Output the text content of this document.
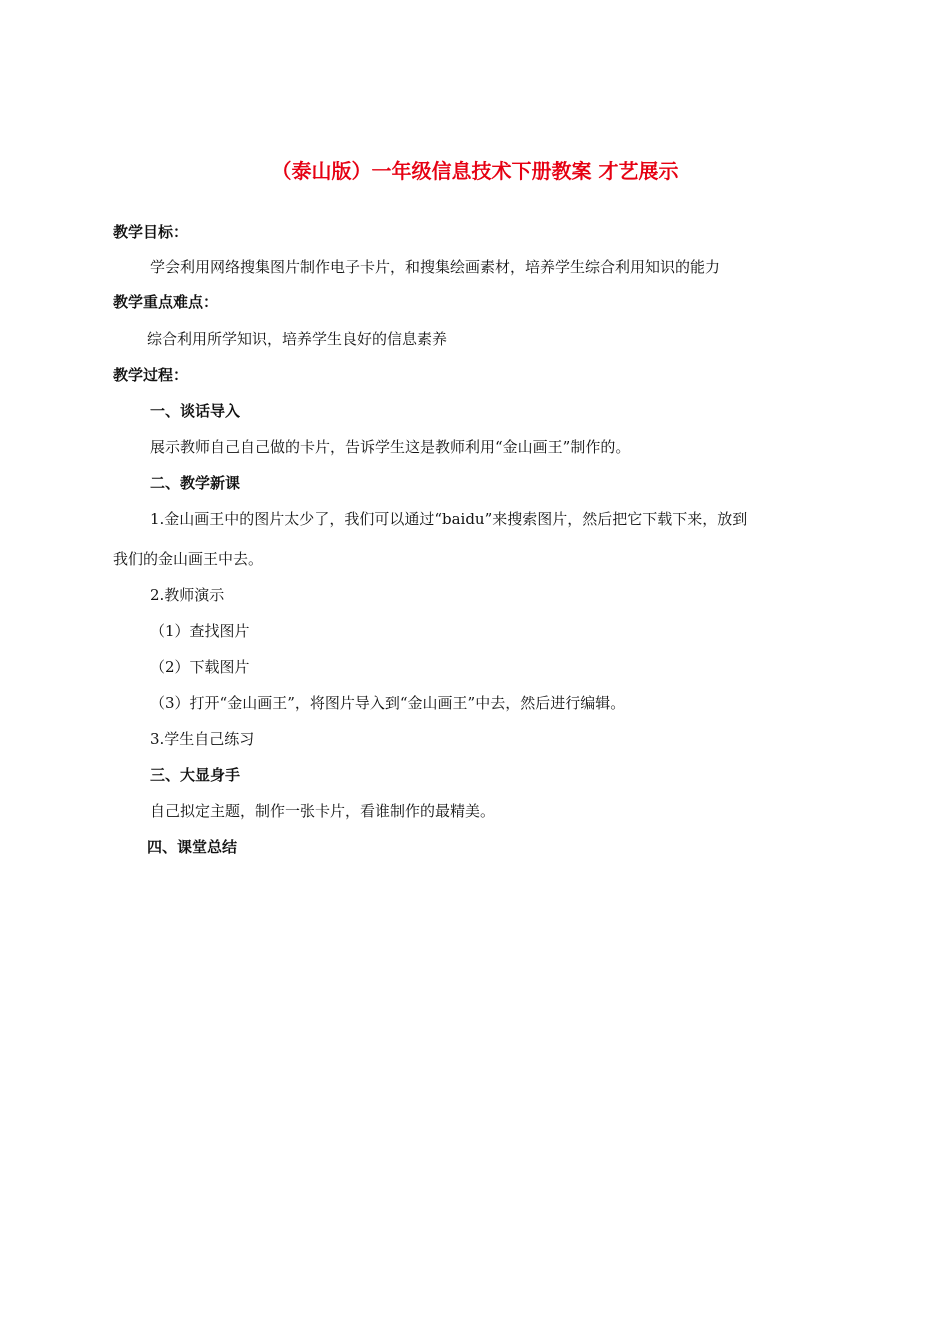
（泰山版）一年级信息技术下册教案 才艺展示
教学目标：
学会利用网络搜集图片制作电子卡片，和搜集绘画素材，培养学生综合利用知识的能力
教学重点难点：
综合利用所学知识，培养学生良好的信息素养
教学过程：
一、谈话导入
展示教师自己自己做的卡片，告诉学生这是教师利用“金山画王”制作的。
二、教学新课
1.金山画王中的图片太少了，我们可以通过“baidu”来搜索图片，然后把它下载下来，放到
我们的金山画王中去。
2.教师演示
（1）查找图片
（2）下载图片
（3）打开“金山画王”，将图片导入到“金山画王”中去，然后进行编辑。
3.学生自己练习
三、大显身手
自己拟定主题，制作一张卡片，看谁制作的最精美。
四、课堂总结
